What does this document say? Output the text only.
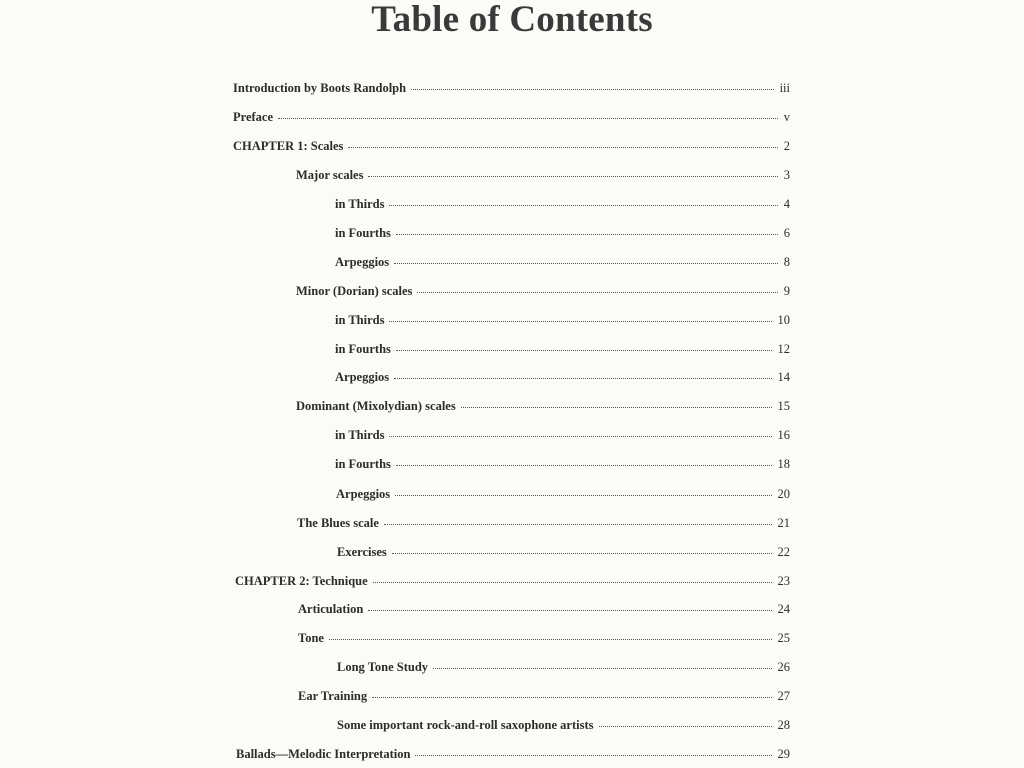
Table of Contents
Introduction by Boots Randolph	iii
Preface	v
CHAPTER 1: Scales	2
Major scales	3
in Thirds	4
in Fourths	6
Arpeggios	8
Minor (Dorian) scales	9
in Thirds	10
in Fourths	12
Arpeggios	14
Dominant (Mixolydian) scales	15
in Thirds	16
in Fourths	18
Arpeggios	20
The Blues scale	21
Exercises	22
CHAPTER 2: Technique	23
Articulation	24
Tone	25
Long Tone Study	26
Ear Training	27
Some important rock-and-roll saxophone artists	28
Ballads—Melodic Interpretation	29
